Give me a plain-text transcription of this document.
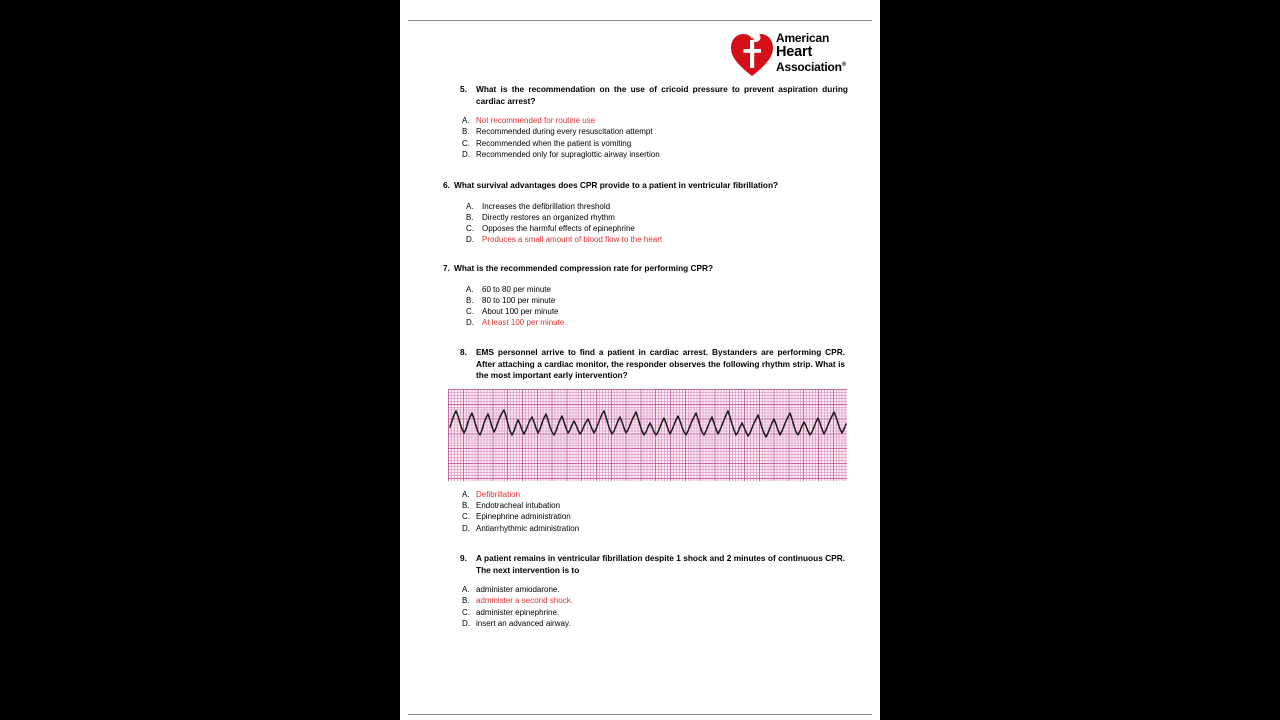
American
Heart
Association®
5.	What is the recommendation on the use of cricoid pressure to prevent aspiration during cardiac arrest?
A. Not recommended for routine use
B. Recommended during every resuscitation attempt
C. Recommended when the patient is vomiting
D. Recommended only for supraglottic airway insertion
6. What survival advantages does CPR provide to a patient in ventricular fibrillation?
A.	Increases the defibrillation threshold
B.	Directly restores an organized rhythm
C.	Opposes the harmful effects of epinephrine
D.	Produces a small amount of blood flow to the heart
7. What is the recommended compression rate for performing CPR?
A.	60 to 80 per minute
B.	80 to 100 per minute
C.	About 100 per minute
D.	At least 100 per minute
8.	EMS personnel arrive to find a patient in cardiac arrest. Bystanders are performing CPR. After attaching a cardiac monitor, the responder observes the following rhythm strip. What is the most important early intervention?
A. Defibrillation
B. Endotracheal intubation
C. Epinephrine administration
D. Antiarrhythmic administration
9.	A patient remains in ventricular fibrillation despite 1 shock and 2 minutes of continuous CPR. The next intervention is to
A. administer amiodarone.
B. administer a second shock.
C. administer epinephrine.
D. insert an advanced airway.
